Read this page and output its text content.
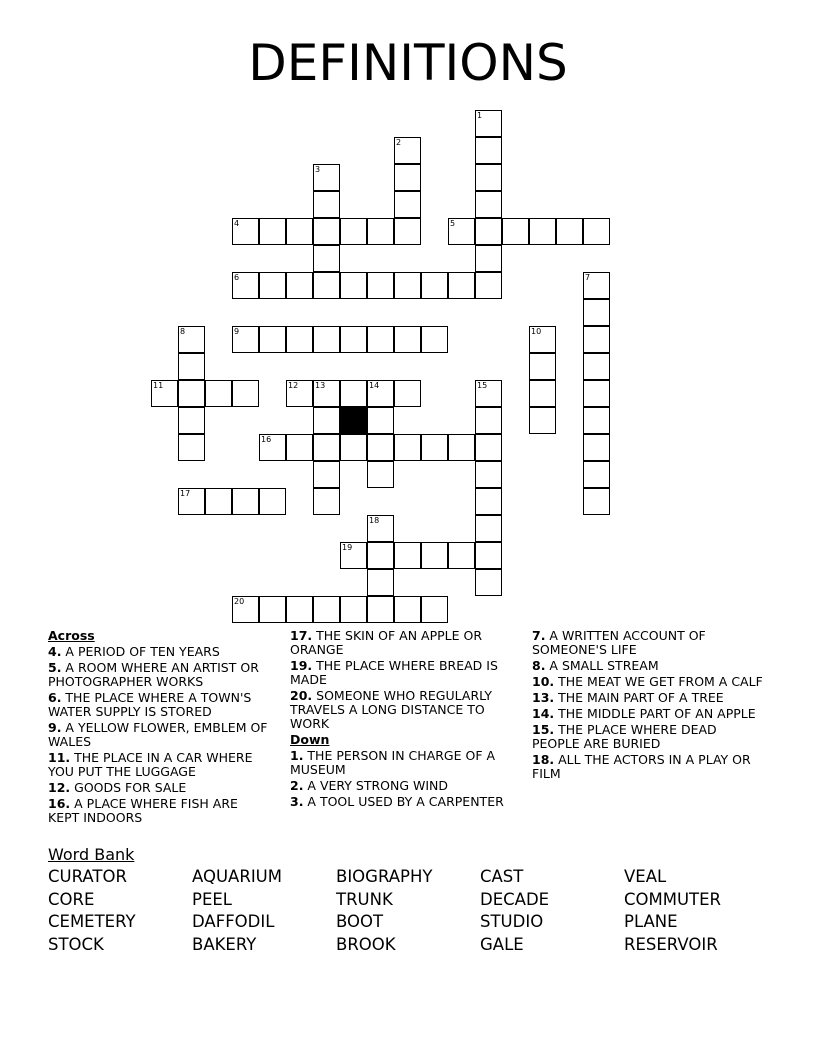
DEFINITIONS
1
2
3
4	5
6	7
8	9	10
11	12 13	14	15
16
17
18
19
20
Across
4. A PERIOD OF TEN YEARS
5. A ROOM WHERE AN ARTIST OR PHOTOGRAPHER WORKS
6. THE PLACE WHERE A TOWN'S WATER SUPPLY IS STORED
9. A YELLOW FLOWER, EMBLEM OF WALES
11. THE PLACE IN A CAR WHERE YOU PUT THE LUGGAGE
12. GOODS FOR SALE
16. A PLACE WHERE FISH ARE KEPT INDOORS
17. THE SKIN OF AN APPLE OR ORANGE
19. THE PLACE WHERE BREAD IS MADE
20. SOMEONE WHO REGULARLY TRAVELS A LONG DISTANCE TO WORK
Down
1. THE PERSON IN CHARGE OF A MUSEUM
2. A VERY STRONG WIND
3. A TOOL USED BY A CARPENTER
7. A WRITTEN ACCOUNT OF SOMEONE'S LIFE
8. A SMALL STREAM
10. THE MEAT WE GET FROM A CALF
13. THE MAIN PART OF A TREE
14. THE MIDDLE PART OF AN APPLE
15. THE PLACE WHERE DEAD PEOPLE ARE BURIED
18. ALL THE ACTORS IN A PLAY OR FILM
Word Bank
CURATOR	AQUARIUM	BIOGRAPHY	CAST	VEAL
CORE	PEEL	TRUNK	DECADE	COMMUTER
CEMETERY	DAFFODIL	BOOT	STUDIO	PLANE
STOCK	BAKERY	BROOK	GALE	RESERVOIR
